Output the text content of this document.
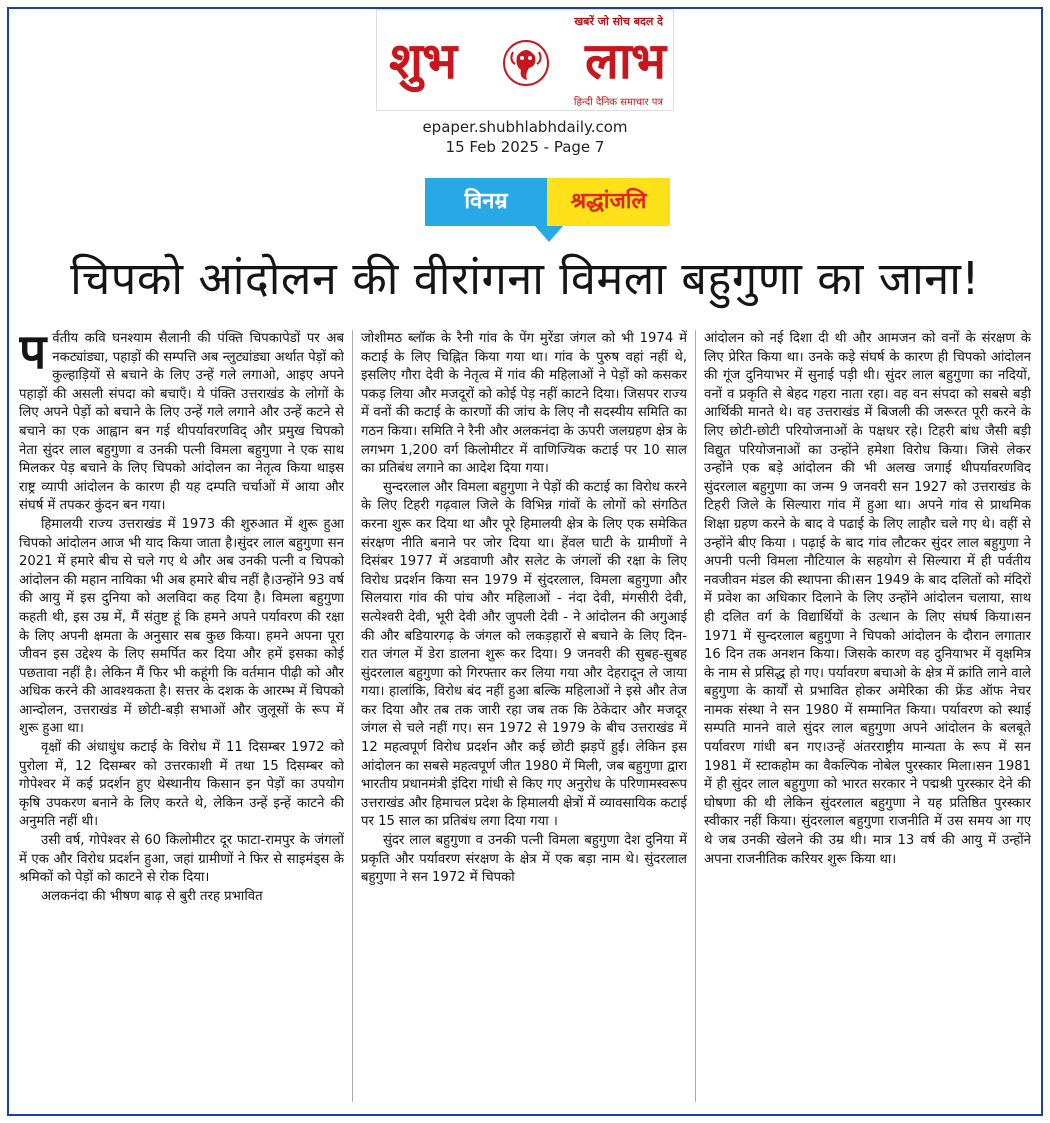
खबरें जो सोच बदल दे
शुभ	लाभ
हिन्दी दैनिक समाचार पत्र
epaper.shubhlabhdaily.com
15 Feb 2025 - Page 7
विनम्र	श्रद्धांजलि
चिपको आंदोलन की वीरांगना विमला बहुगुणा का जाना!

पर्वतीय कवि घनश्याम सैलानी की पंक्ति चिपकापेडों पर अब नकट्यांड्या, पहाड़ों की सम्पत्ति अब न्लुट्यांड्या अर्थात पेड़ों को कुल्हाड़ियों से बचाने के लिए उन्हें गले लगाओ, आइए अपने पहाड़ों की असली संपदा को बचाएँ। ये पंक्ति उत्तराखंड के लोगों के लिए अपने पेड़ों को बचाने के लिए उन्हें गले लगाने और उन्हें कटने से बचाने का एक आह्वान बन गई थीपर्यावरणविद् और प्रमुख चिपको नेता सुंदर लाल बहुगुणा व उनकी पत्नी विमला बहुगुणा ने एक साथ मिलकर पेड़ बचाने के लिए चिपको आंदोलन का नेतृत्व किया थाइस राष्ट्र व्यापी आंदोलन के कारण ही यह दम्पति चर्चाओं में आया और संघर्ष में तपकर कुंदन बन गया।

हिमालयी राज्य उत्तराखंड में 1973 की शुरुआत में शुरू हुआ चिपको आंदोलन आज भी याद किया जाता है।सुंदर लाल बहुगुणा सन 2021 में हमारे बीच से चले गए थे और अब उनकी पत्नी व चिपको आंदोलन की महान नायिका भी अब हमारे बीच नहीं है।उन्होंने 93 वर्ष की आयु में इस दुनिया को अलविदा कह दिया है। विमला बहुगुणा कहती थी, इस उम्र में, मैं संतुष्ट हूं कि हमने अपने पर्यावरण की रक्षा के लिए अपनी क्षमता के अनुसार सब कुछ किया। हमने अपना पूरा जीवन इस उद्देश्य के लिए समर्पित कर दिया और हमें इसका कोई पछतावा नहीं है। लेकिन मैं फिर भी कहूंगी कि वर्तमान पीढ़ी को और अधिक करने की आवश्यकता है। सत्तर के दशक के आरम्भ में चिपको आन्दोलन, उत्तराखंड में छोटी-बड़ी सभाओं और जुलूसों के रूप में शुरू हुआ था।

वृक्षों की अंधाधुंध कटाई के विरोध में 11 दिसम्बर 1972 को पुरोला में, 12 दिसम्बर को उत्तरकाशी में तथा 15 दिसम्बर को गोपेश्वर में कई प्रदर्शन हुए थेस्थानीय किसान इन पेड़ों का उपयोग कृषि उपकरण बनाने के लिए करते थे, लेकिन उन्हें इन्हें काटने की अनुमति नहीं थी।

उसी वर्ष, गोपेश्वर से 60 किलोमीटर दूर फाटा-रामपुर के जंगलों में एक और विरोध प्रदर्शन हुआ, जहां ग्रामीणों ने फिर से साइमंड्स के श्रमिकों को पेड़ों को काटने से रोक दिया।

अलकनंदा की भीषण बाढ़ से बुरी तरह प्रभावित

जोशीमठ ब्लॉक के रैनी गांव के पेंग मुरेंडा जंगल को भी 1974 में कटाई के लिए चिह्नित किया गया था। गांव के पुरुष वहां नहीं थे, इसलिए गौरा देवी के नेतृत्व में गांव की महिलाओं ने पेड़ों को कसकर पकड़ लिया और मजदूरों को कोई पेड़ नहीं काटने दिया। जिसपर राज्य में वनों की कटाई के कारणों की जांच के लिए नौ सदस्यीय समिति का गठन किया। समिति ने रैनी और अलकनंदा के ऊपरी जलग्रहण क्षेत्र के लगभग 1,200 वर्ग किलोमीटर में वाणिज्यिक कटाई पर 10 साल का प्रतिबंध लगाने का आदेश दिया गया।

सुन्दरलाल और विमला बहुगुणा ने पेड़ों की कटाई का विरोध करने के लिए टिहरी गढ़वाल जिले के विभिन्न गांवों के लोगों को संगठित करना शुरू कर दिया था और पूरे हिमालयी क्षेत्र के लिए एक समेकित संरक्षण नीति बनाने पर जोर दिया था। हेंवल घाटी के ग्रामीणों ने दिसंबर 1977 में अडवाणी और सलेट के जंगलों की रक्षा के लिए विरोध प्रदर्शन किया सन 1979 में सुंदरलाल, विमला बहुगुणा और सिलयारा गांव की पांच और महिलाओं - नंदा देवी, मंगसीरी देवी, सत्येश्वरी देवी, भूरी देवी और जुपली देवी - ने आंदोलन की अगुआई की और बडियारगढ़ के जंगल को लकड़हारों से बचाने के लिए दिन-रात जंगल में डेरा डालना शुरू कर दिया। 9 जनवरी की सुबह-सुबह सुंदरलाल बहुगुणा को गिरफ्तार कर लिया गया और देहरादून ले जाया गया। हालांकि, विरोध बंद नहीं हुआ बल्कि महिलाओं ने इसे और तेज कर दिया और तब तक जारी रहा जब तक कि ठेकेदार और मजदूर जंगल से चले नहीं गए। सन 1972 से 1979 के बीच उत्तराखंड में 12 महत्वपूर्ण विरोध प्रदर्शन और कई छोटी झड़पें हुईं। लेकिन इस आंदोलन का सबसे महत्वपूर्ण जीत 1980 में मिली, जब बहुगुणा द्वारा भारतीय प्रधानमंत्री इंदिरा गांधी से किए गए अनुरोध के परिणामस्वरूप उत्तराखंड और हिमाचल प्रदेश के हिमालयी क्षेत्रों में व्यावसायिक कटाई पर 15 साल का प्रतिबंध लगा दिया गया ।

सुंदर लाल बहुगुणा व उनकी पत्नी विमला बहुगुणा देश दुनिया में प्रकृति और पर्यावरण संरक्षण के क्षेत्र में एक बड़ा नाम थे। सुंदरलाल बहुगुणा ने सन 1972 में चिपको

आंदोलन को नई दिशा दी थी और आमजन को वनों के संरक्षण के लिए प्रेरित किया था। उनके कड़े संघर्ष के कारण ही चिपको आंदोलन की गूंज दुनियाभर में सुनाई पड़ी थी। सुंदर लाल बहुगुणा का नदियों, वनों व प्रकृति से बेहद गहरा नाता रहा। वह वन संपदा को सबसे बड़ी आर्थिकी मानते थे। वह उत्तराखंड में बिजली की जरूरत पूरी करने के लिए छोटी-छोटी परियोजनाओं के पक्षधर रहे। टिहरी बांध जैसी बड़ी विद्युत परियोजनाओं का उन्होंने हमेशा विरोध किया। जिसे लेकर उन्होंने एक बड़े आंदोलन की भी अलख जगाई थीपर्यावरणविद सुंदरलाल बहुगुणा का जन्म 9 जनवरी सन 1927 को उत्तराखंड के टिहरी जिले के सिल्यारा गांव में हुआ था। अपने गांव से प्राथमिक शिक्षा ग्रहण करने के बाद वे पढाई के लिए लाहौर चले गए थे। वहीं से उन्होंने बीए किया । पढ़ाई के बाद गांव लौटकर सुंदर लाल बहुगुणा ने अपनी पत्नी विमला नौटियाल के सहयोग से सिल्यारा में ही पर्वतीय नवजीवन मंडल की स्थापना की।सन 1949 के बाद दलितों को मंदिरों में प्रवेश का अधिकार दिलाने के लिए उन्होंने आंदोलन चलाया, साथ ही दलित वर्ग के विद्यार्थियों के उत्थान के लिए संघर्ष किया।सन 1971 में सुन्दरलाल बहुगुणा ने चिपको आंदोलन के दौरान लगातार 16 दिन तक अनशन किया। जिसके कारण वह दुनियाभर में वृक्षमित्र के नाम से प्रसिद्ध हो गए। पर्यावरण बचाओ के क्षेत्र में क्रांति लाने वाले बहुगुणा के कार्यों से प्रभावित होकर अमेरिका की फ्रेंड ऑफ नेचर नामक संस्था ने सन 1980 में सम्मानित किया। पर्यावरण को स्थाई सम्पति मानने वाले सुंदर लाल बहुगुणा अपने आंदोलन के बलबूते पर्यावरण गांधी बन गए।उन्हें अंतरराष्ट्रीय मान्यता के रूप में सन 1981 में स्टाकहोम का वैकल्पिक नोबेल पुरस्कार मिला।सन 1981 में ही सुंदर लाल बहुगुणा को भारत सरकार ने पद्मश्री पुरस्कार देने की घोषणा की थी लेकिन सुंदरलाल बहुगुणा ने यह प्रतिष्ठित पुरस्कार स्वीकार नहीं किया। सुंदरलाल बहुगुणा राजनीति में उस समय आ गए थे जब उनकी खेलने की उम्र थी। मात्र 13 वर्ष की आयु में उन्होंने अपना राजनीतिक करियर शुरू किया था।
